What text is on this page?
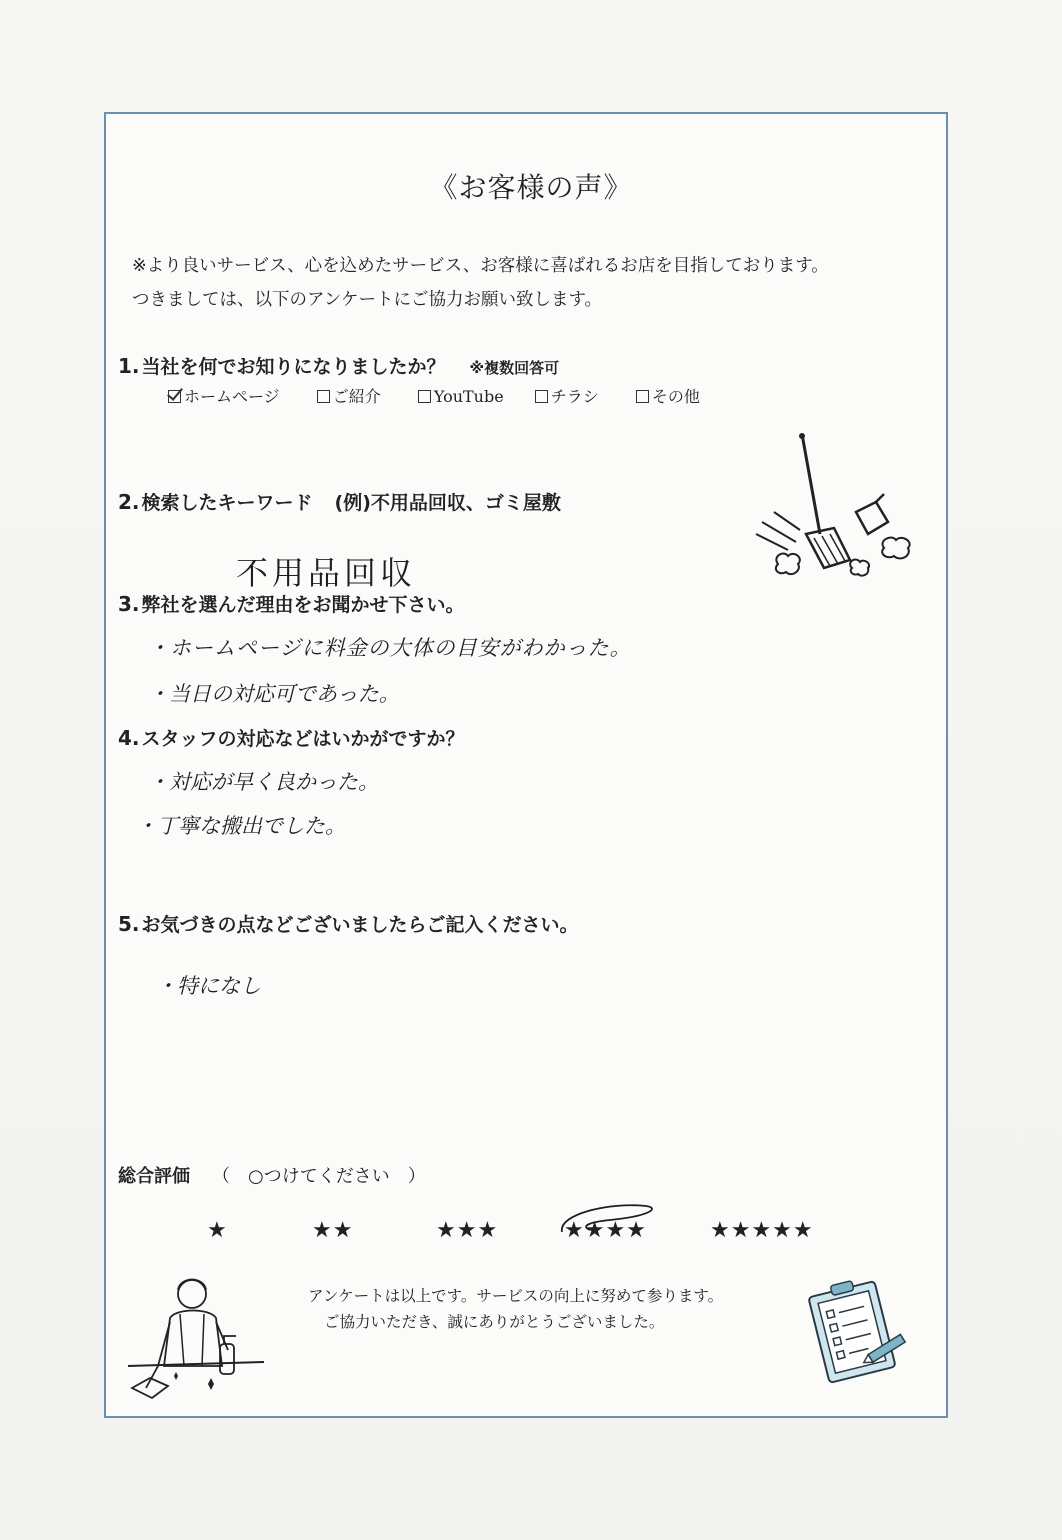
《お客様の声》
※より良いサービス、心を込めたサービス、お客様に喜ばれるお店を目指しております。
つきましては、以下のアンケートにご協力お願い致します。
1. 当社を何でお知りになりましたか？ ※複数回答可
ホームページ	ご紹介	YouTube	チラシ	その他
2. 検索したキーワード (例)不用品回収、ゴミ屋敷
不用品回収
3. 弊社を選んだ理由をお聞かせ下さい。
・ホームページに料金の大体の目安がわかった。
・当日の対応可であった。
4. スタッフの対応などはいかがですか？
・対応が早く良かった。
・丁寧な搬出でした。
5. お気づきの点などございましたらご記入ください。
・特になし
総合評価 （　○つけてください　）
★	★★	★★★	★★★★	★★★★★
アンケートは以上です。サービスの向上に努めて参ります。
ご協力いただき、誠にありがとうございました。
